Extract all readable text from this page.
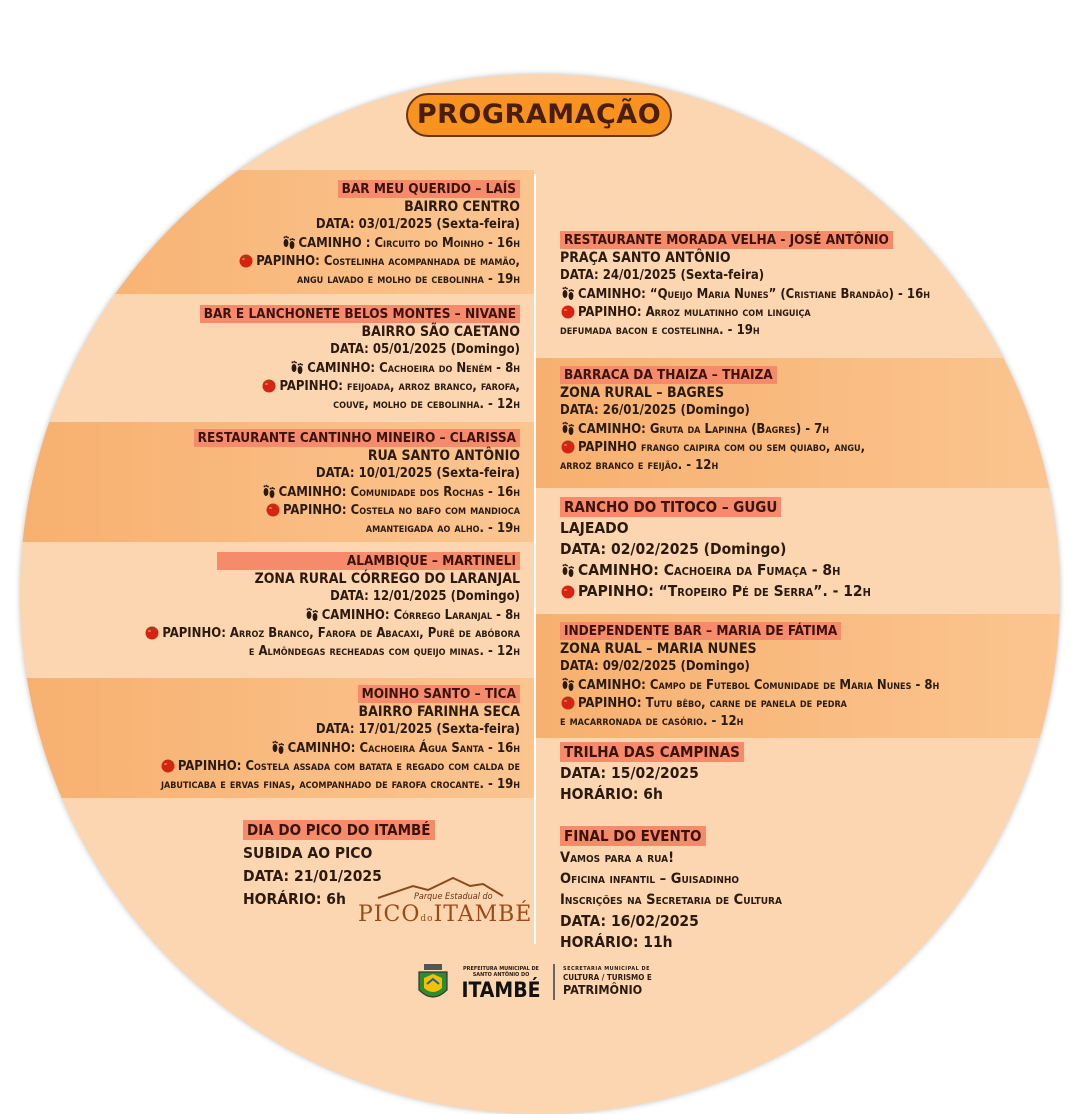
PROGRAMAÇÃO
BAR MEU QUERIDO – LAÍS
BAIRRO CENTRO
DATA: 03/01/2025 (Sexta-feira)
CAMINHO : Circuito do Moinho - 16h
PAPINHO: Costelinha acompanhada de mamão,
angu lavado e molho de cebolinha - 19h
BAR E LANCHONETE BELOS MONTES – NIVANE
BAIRRO SÃO CAETANO
DATA: 05/01/2025 (Domingo)
CAMINHO: Cachoeira do Neném - 8h
PAPINHO: feijoada, arroz branco, farofa,
couve, molho de cebolinha. - 12h
RESTAURANTE CANTINHO MINEIRO – CLARISSA
RUA SANTO ANTÔNIO
DATA: 10/01/2025 (Sexta-feira)
CAMINHO: Comunidade dos Rochas - 16h
PAPINHO: Costela no bafo com mandioca
amanteigada ao alho. - 19h
ALAMBIQUE – MARTINELI
ZONA RURAL CÓRREGO DO LARANJAL
DATA: 12/01/2025 (Domingo)
CAMINHO: Córrego Laranjal - 8h
PAPINHO: Arroz Branco, Farofa de Abacaxi, Purê de abóbora
e Almôndegas recheadas com queijo minas. - 12h
MOINHO SANTO – TICA
BAIRRO FARINHA SECA
DATA: 17/01/2025 (Sexta-feira)
CAMINHO: Cachoeira Água Santa - 16h
PAPINHO: Costela assada com batata e regado com calda de
jabuticaba e ervas finas, acompanhado de farofa crocante. - 19h
DIA DO PICO DO ITAMBÉ
SUBIDA AO PICO
DATA: 21/01/2025
HORÁRIO: 6h	Parque Estadual do
PICOdoITAMBÉ
RESTAURANTE MORADA VELHA - JOSÉ ANTÔNIO
PRAÇA SANTO ANTÔNIO
DATA: 24/01/2025 (Sexta-feira)
CAMINHO: “Queijo Maria Nunes” (Cristiane Brandão) - 16h
PAPINHO: Arroz mulatinho com linguiça
defumada bacon e costelinha. - 19h
BARRACA DA THAIZA – THAIZA
ZONA RURAL – BAGRES
DATA: 26/01/2025 (Domingo)
CAMINHO: Gruta da Lapinha (Bagres) - 7h
PAPINHO frango caipira com ou sem quiabo, angu,
arroz branco e feijão. - 12h
RANCHO DO TITOCO – GUGU
LAJEADO
DATA: 02/02/2025 (Domingo)
CAMINHO: Cachoeira da Fumaça - 8h
PAPINHO: “Tropeiro Pé de Serra”. - 12h
INDEPENDENTE BAR – MARIA DE FÁTIMA
ZONA RUAL – MARIA NUNES
DATA: 09/02/2025 (Domingo)
CAMINHO: Campo de Futebol Comunidade de Maria Nunes - 8h
PAPINHO: Tutu bêbo, carne de panela de pedra
e macarronada de casório. - 12h
TRILHA DAS CAMPINAS
DATA: 15/02/2025
HORÁRIO: 6h
FINAL DO EVENTO
Vamos para a rua!
Oficina infantil – Guisadinho
Inscrições na Secretaria de Cultura
DATA: 16/02/2025
HORÁRIO: 11h
PREFEITURA MUNICIPAL DE
SANTO ANTÔNIO DO
ITAMBÉ
SECRETARIA MUNICIPAL DE
CULTURA / TURISMO E
PATRIMÔNIO
